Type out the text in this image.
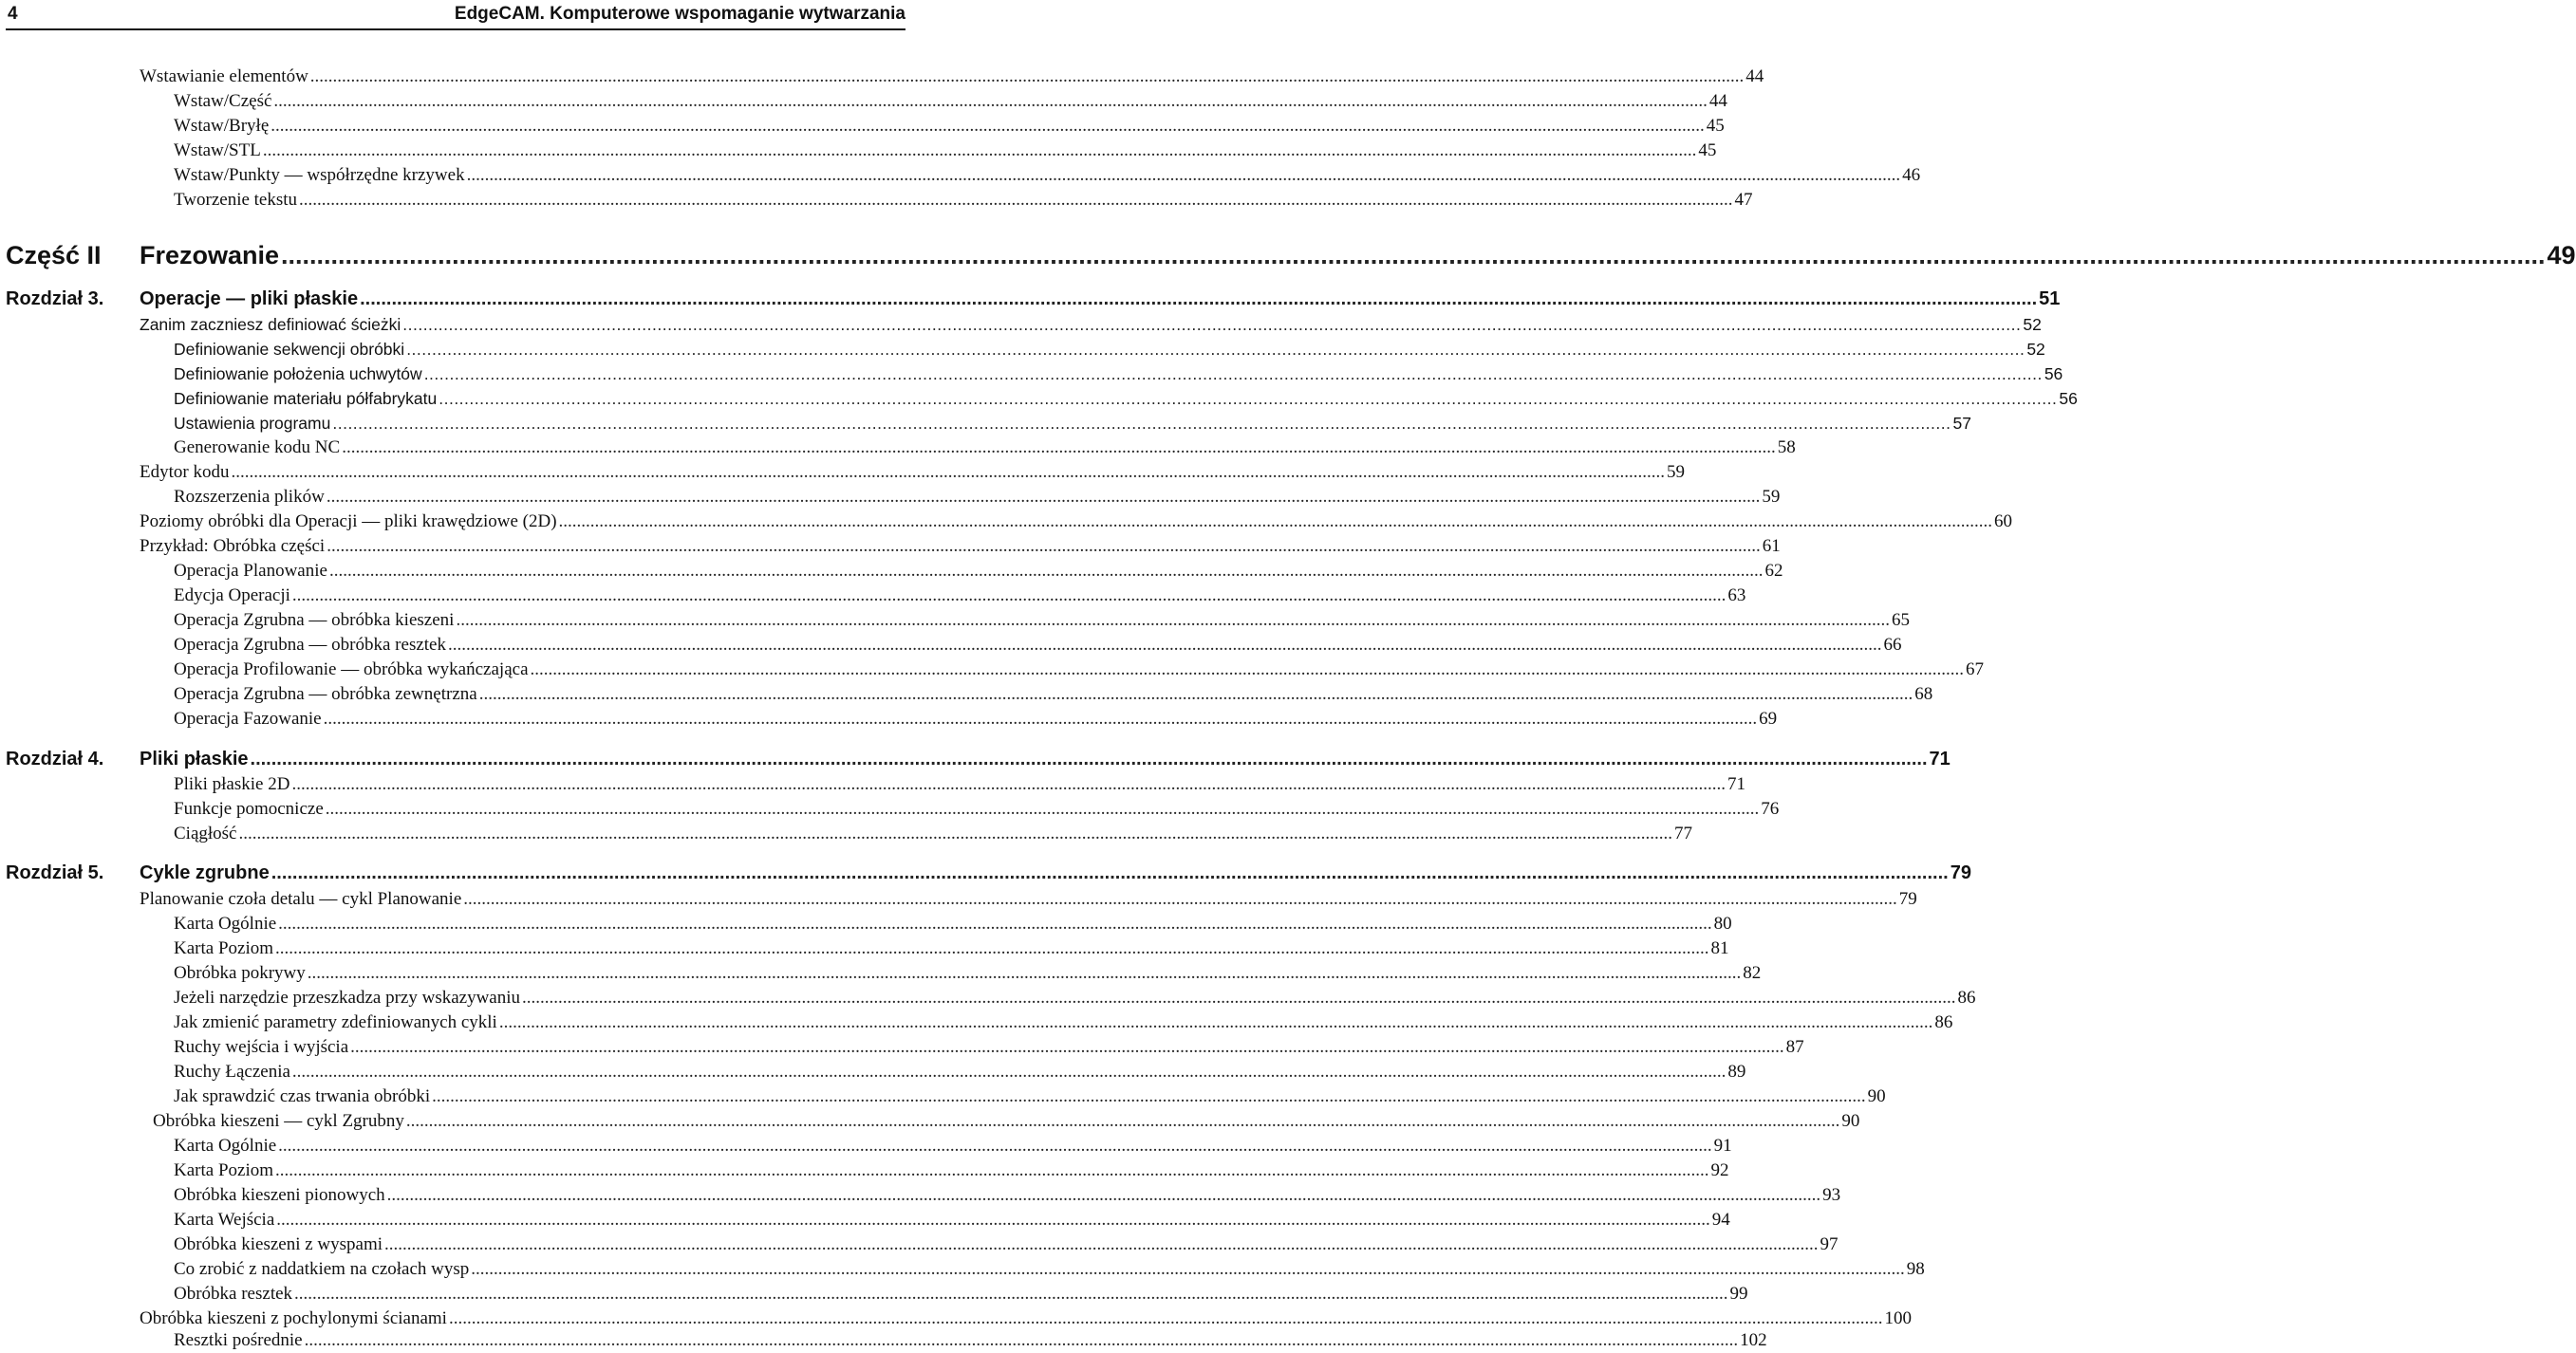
4	EdgeCAM. Komputerowe wspomaganie wytwarzania
Wstawianie elementów .....	44
Wstaw/Część .....	44
Wstaw/Bryłę .....	45
Wstaw/STL .....	45
Wstaw/Punkty — współrzędne krzywek .....	46
Tworzenie tekstu .....	47
Część II Frezowanie .....	49
Rozdział 3. Operacje — pliki płaskie .....	51
Zanim zaczniesz definiować ścieżki .....	52
Definiowanie sekwencji obróbki .....	52
Definiowanie położenia uchwytów .....	56
Definiowanie materiału półfabrykatu .....	56
Ustawienia programu .....	57
Generowanie kodu NC .....	58
Edytor kodu .....	59
Rozszerzenia plików .....	59
Poziomy obróbki dla Operacji — pliki krawędziowe (2D) .....	60
Przykład: Obróbka części .....	61
Operacja Planowanie .....	62
Edycja Operacji .....	63
Operacja Zgrubna — obróbka kieszeni .....	65
Operacja Zgrubna — obróbka resztek .....	66
Operacja Profilowanie — obróbka wykańczająca .....	67
Operacja Zgrubna — obróbka zewnętrzna .....	68
Operacja Fazowanie .....	69
Rozdział 4. Pliki płaskie .....	71
Pliki płaskie 2D .....	71
Funkcje pomocnicze .....	76
Ciągłość .....	77
Rozdział 5. Cykle zgrubne .....	79
Planowanie czoła detalu — cykl Planowanie .....	79
Karta Ogólnie .....	80
Karta Poziom .....	81
Obróbka pokrywy .....	82
Jeżeli narzędzie przeszkadza przy wskazywaniu .....	86
Jak zmienić parametry zdefiniowanych cykli .....	86
Ruchy wejścia i wyjścia .....	87
Ruchy Łączenia .....	89
Jak sprawdzić czas trwania obróbki .....	90
Obróbka kieszeni — cykl Zgrubny .....	90
Karta Ogólnie .....	91
Karta Poziom .....	92
Obróbka kieszeni pionowych .....	93
Karta Wejścia .....	94
Obróbka kieszeni z wyspami .....	97
Co zrobić z naddatkiem na czołach wysp .....	98
Obróbka resztek .....	99
Obróbka kieszeni z pochylonymi ścianami .....	100
Resztki pośrednie .....	102
